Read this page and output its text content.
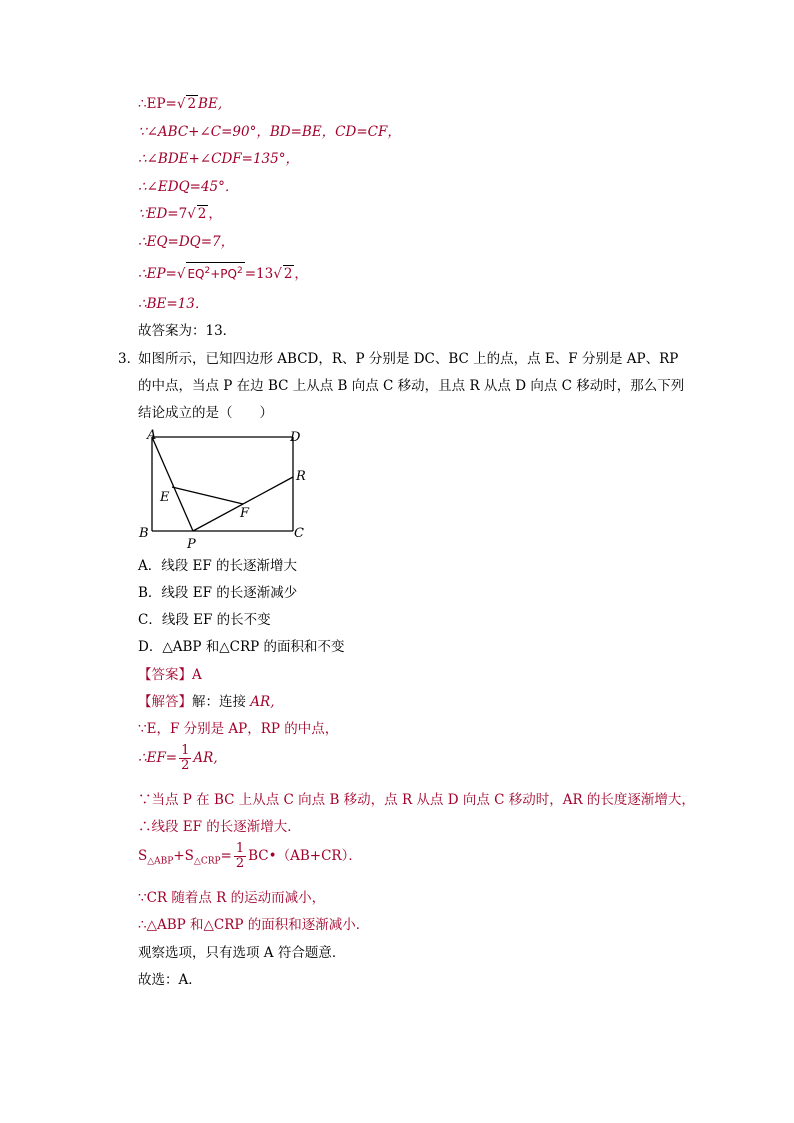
∴EP=√ 2 BE,
∵∠ABC+∠C=90°，BD=BE，CD=CF，
∴∠BDE+∠CDF=135°，
∴∠EDQ=45°．
∵ED=7√ 2 ，
∴EQ=DQ=7，
∴EP=√ $EQ^2+PQ^2 =13√$ 2 ，
∴BE=13．
故答案为：13．
3．
如图所示，已知四边形 ABCD，R、P 分别是 DC、BC 上的点，点 E、F 分别是 AP、RP
的中点，当点 P 在边 BC 上从点 B 向点 C 移动，且点 R 从点 D 向点 C 移动时，那么下列
结论成立的是（　　）
A	D
R
E
F
B	C
P
A．线段 EF 的长逐渐增大
B．线段 EF 的长逐渐减少
C．线段 EF 的长不变
D．△ABP 和△CRP 的面积和不变
【答案】A
【解答】解：连接 AR,
∵E，F 分别是 AP，RP 的中点，
∴EF= $\frac{1}{2}$ AR,
∵当点 P 在 BC 上从点 C 向点 B 移动，点 R 从点 D 向点 C 移动时，AR 的长度逐渐增大，
∴线段 EF 的长逐渐增大．
$S_{\triangle ABP}+S_{\triangle CRP}= \frac{1}{2}$ BC•（AB+CR）．
∵CR 随着点 R 的运动而减小，
∴△ABP 和△CRP 的面积和逐渐减小．
观察选项，只有选项 A 符合题意．
故选：A．
